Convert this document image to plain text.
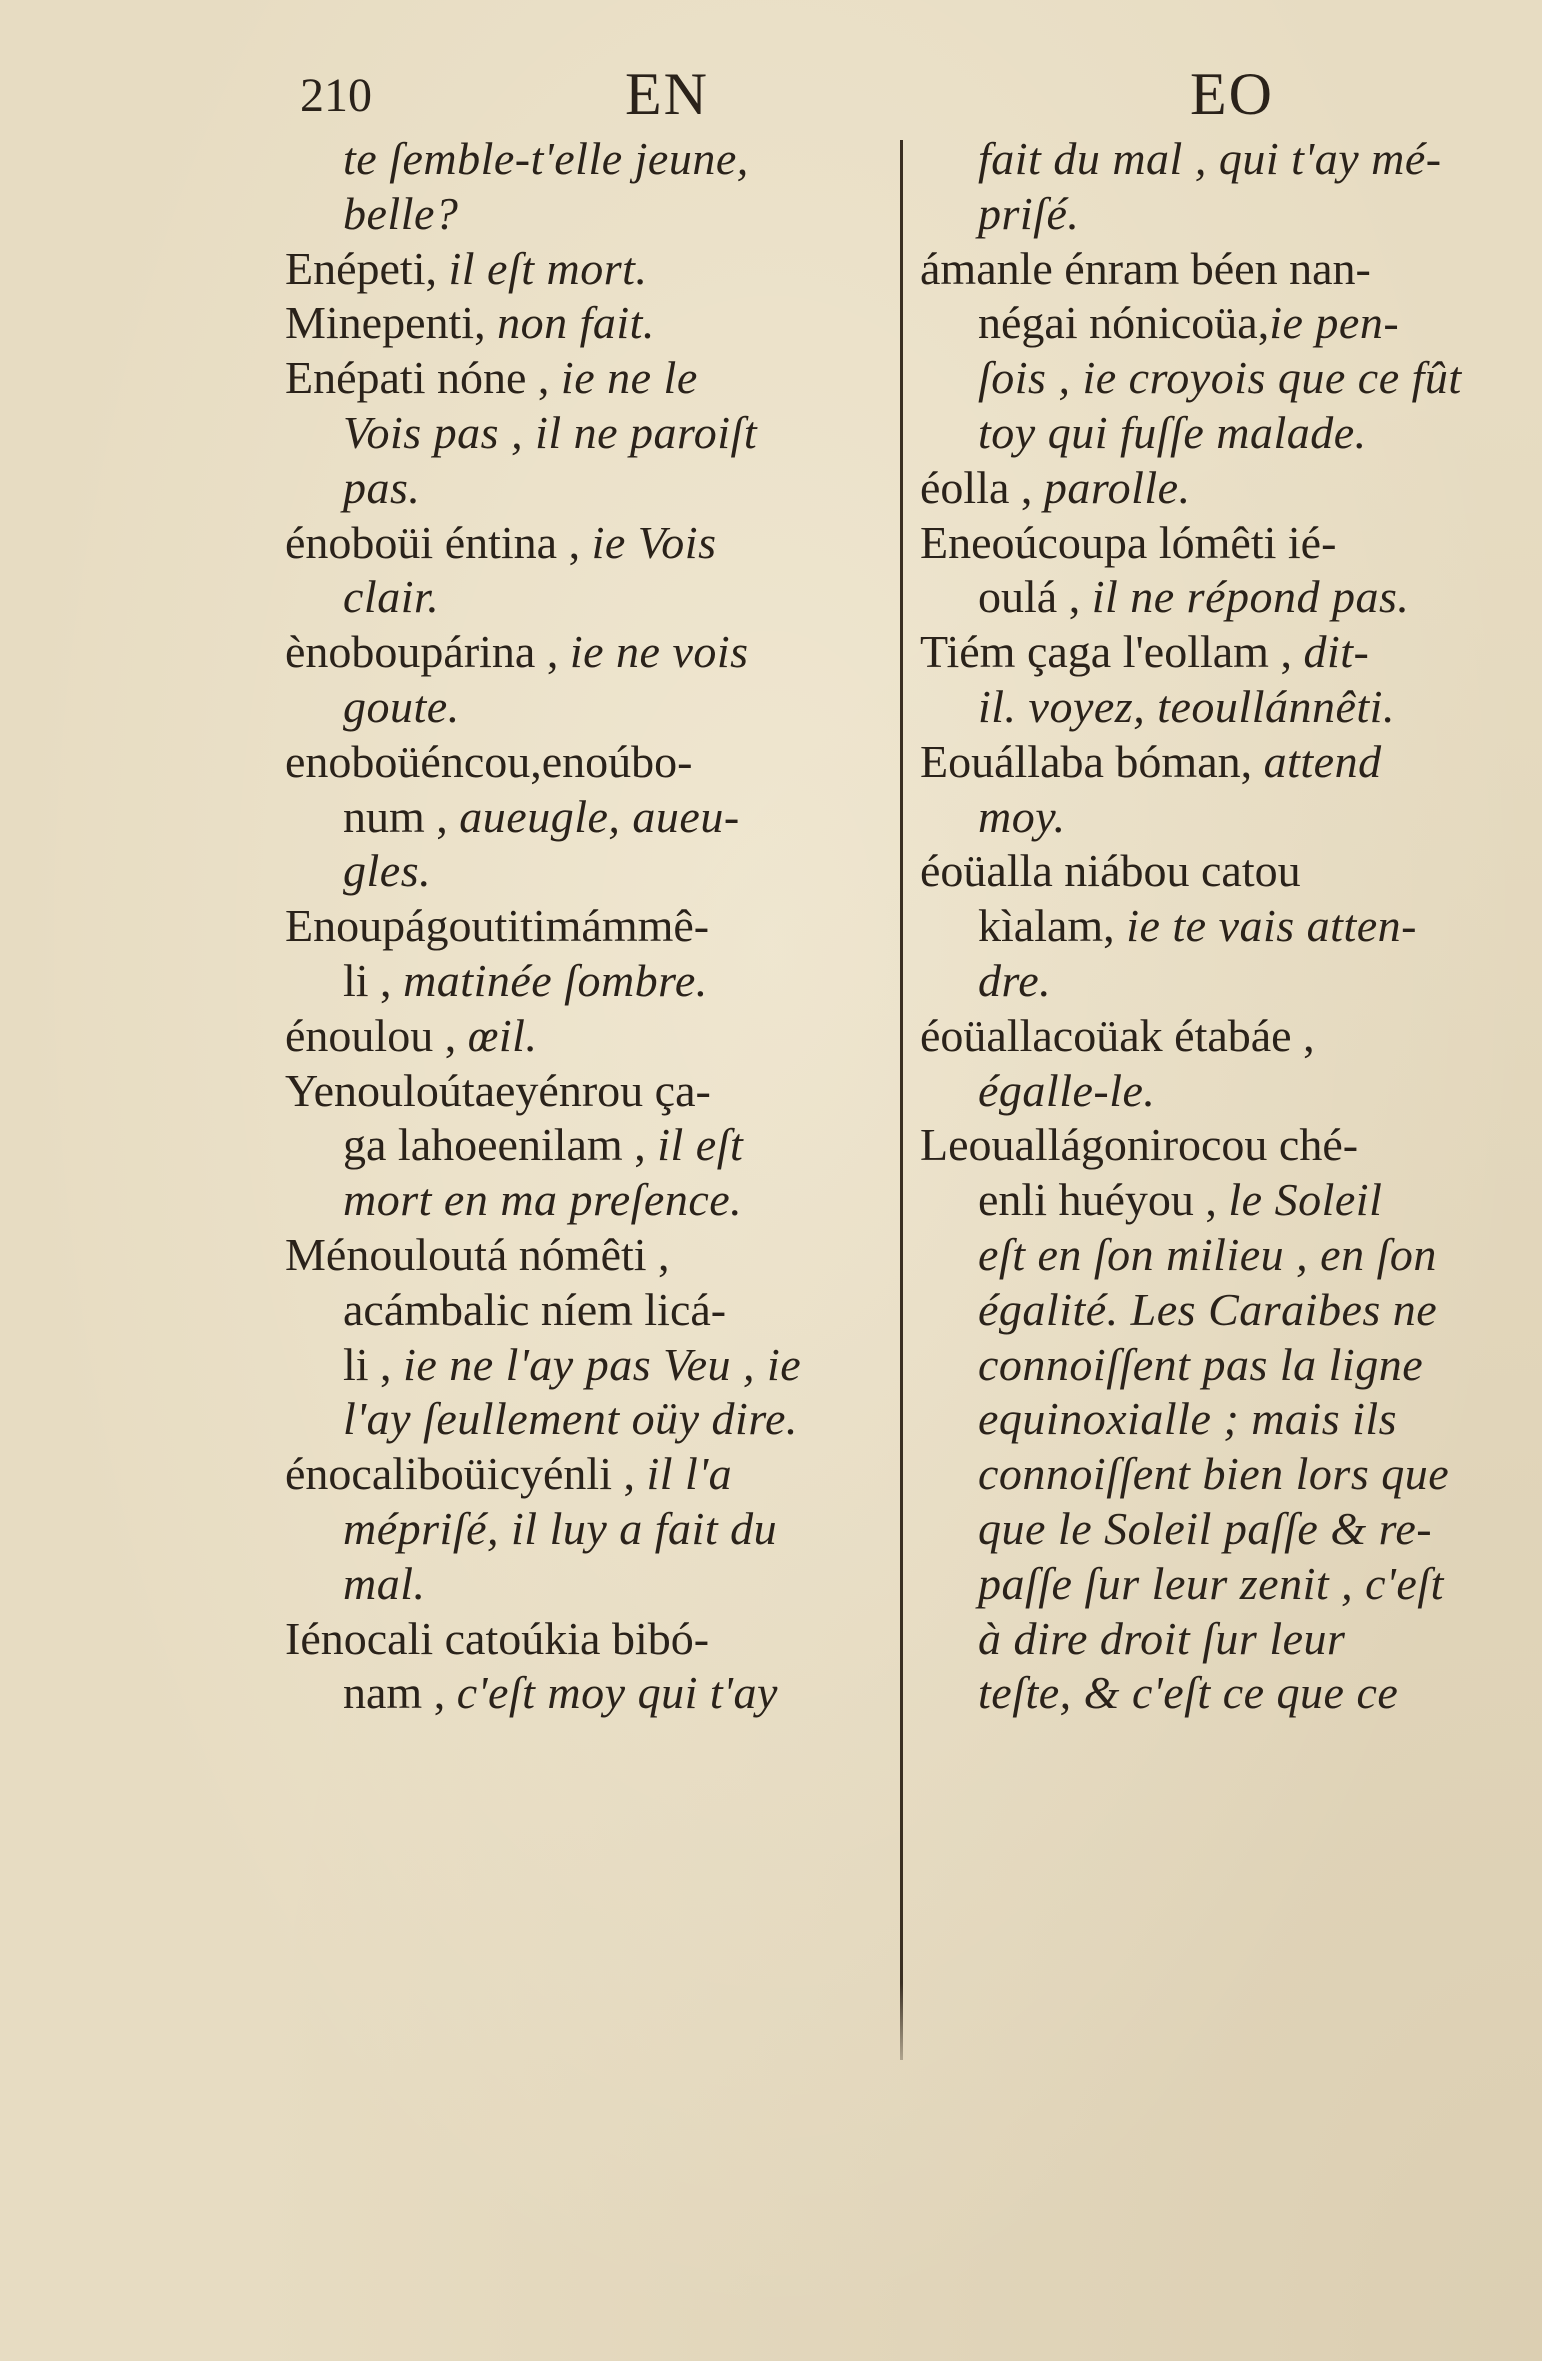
210	EN	EO
te ſemble-t'elle jeune,
belle?
Enépeti, il eſt mort.
Minepenti, non fait.
Enépati nóne , ie ne le
Vois pas , il ne paroiſt
pas.
énoboüi éntina , ie Vois
clair.
ènoboupárina , ie ne vois
goute.
enoboüéncou,enoúbo-
num , aueugle, aueu-
gles.
Enoupágoutitimámmê-
li , matinée ſombre.
énoulou , œil.
Yenouloútaeyénrou ça-
ga lahoeenilam , il eſt
mort en ma preſence.
Ménouloutá nómêti ,
acámbalic níem licá-
li , ie ne l'ay pas Veu , ie
l'ay ſeullement oüy dire.
énocaliboüicyénli , il l'a
mépriſé, il luy a fait du
mal.
Iénocali catoúkia bibó-
nam , c'eſt moy qui t'ay
fait du mal , qui t'ay mé-
priſé.
ámanle énram béen nan-
négai nónicoüa,ie pen-
ſois , ie croyois que ce fût
toy qui fuſſe malade.
éolla , parolle.
Eneoúcoupa lómêti ié-
oulá , il ne répond pas.
Tiém çaga l'eollam , dit-
il. voyez, teoullánnêti.
Eouállaba bóman, attend
moy.
éoüalla niábou catou
kìalam, ie te vais atten-
dre.
éoüallacoüak étabáe ,
égalle-le.
Leouallágonirocou ché-
enli huéyou , le Soleil
eſt en ſon milieu , en ſon
égalité. Les Caraibes ne
connoiſſent pas la ligne
equinoxialle ; mais ils
connoiſſent bien lors que
que le Soleil paſſe & re-
paſſe ſur leur zenit , c'eſt
à dire droit ſur leur
teſte, & c'eſt ce que ce
